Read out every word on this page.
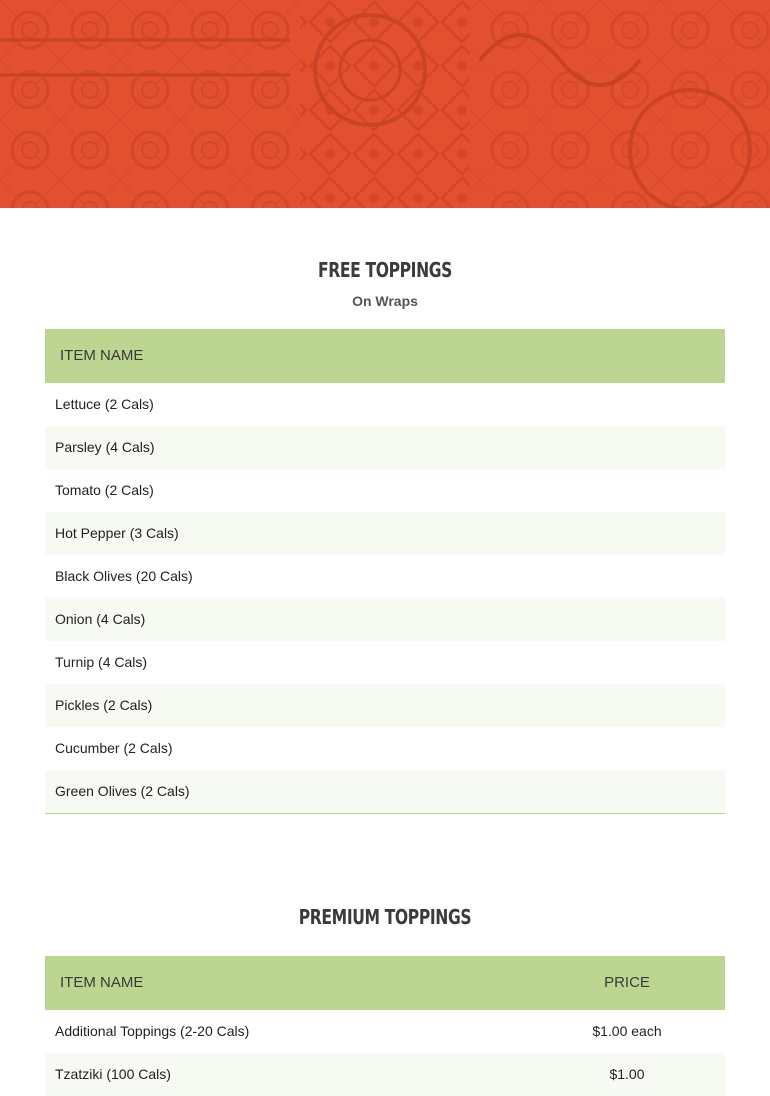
FREE TOPPINGS
On Wraps
ITEM NAME
Lettuce (2 Cals)
Parsley (4 Cals)
Tomato (2 Cals)
Hot Pepper (3 Cals)
Black Olives (20 Cals)
Onion (4 Cals)
Turnip (4 Cals)
Pickles (2 Cals)
Cucumber (2 Cals)
Green Olives (2 Cals)
PREMIUM TOPPINGS
ITEM NAME	PRICE
Additional Toppings (2-20 Cals)	$1.00 each
Tzatziki (100 Cals)	$1.00
